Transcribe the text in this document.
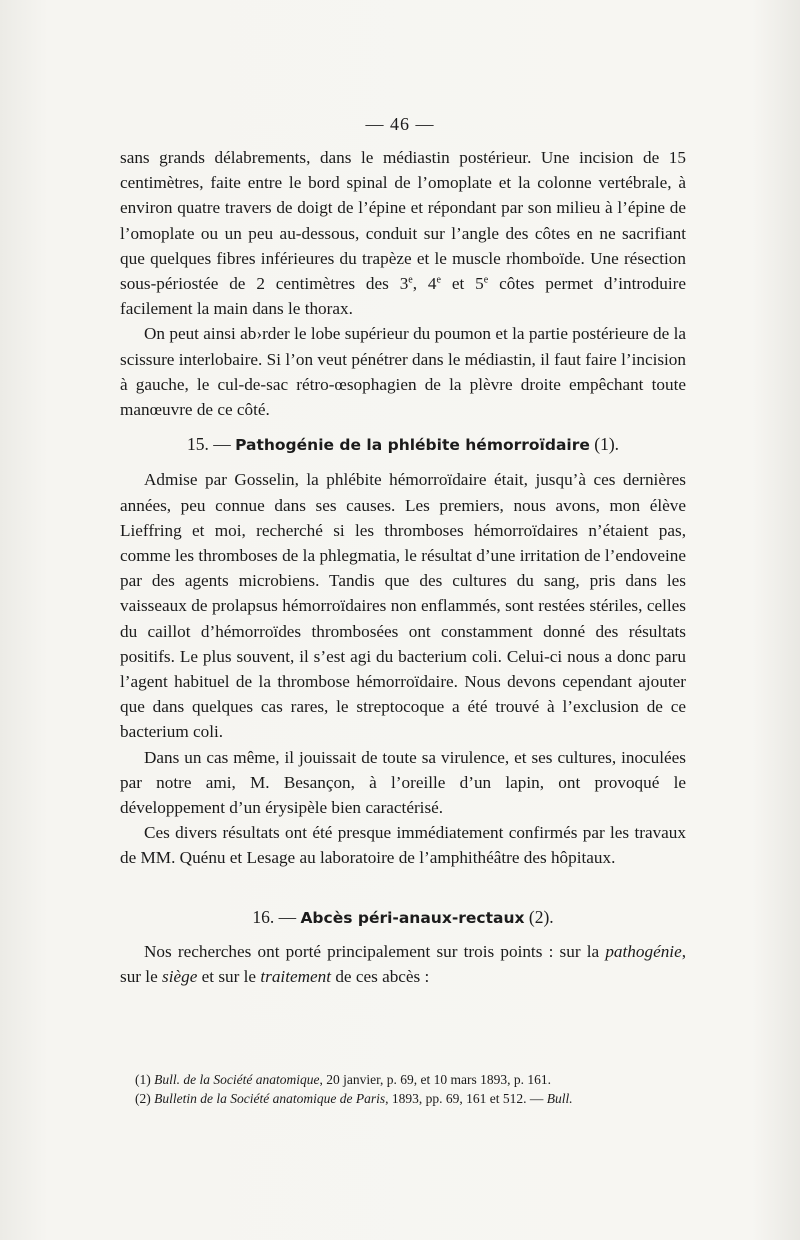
— 46 —

sans grands délabrements, dans le médiastin postérieur. Une incision de 15 centimètres, faite entre le bord spinal de l’omoplate et la colonne vertébrale, à environ quatre travers de doigt de l’épine et répondant par son milieu à l’épine de l’omoplate ou un peu au-dessous, conduit sur l’angle des côtes en ne sacrifiant que quelques fibres inférieures du trapèze et le muscle rhomboïde. Une résection sous-périostée de 2 centimètres des 3e, 4e et 5e côtes permet d’introduire facilement la main dans le thorax.

On peut ainsi ab›rder le lobe supérieur du poumon et la partie postérieure de la scissure interlobaire. Si l’on veut pénétrer dans le médiastin, il faut faire l’incision à gauche, le cul-de-sac rétro-œsophagien de la plèvre droite empêchant toute manœuvre de ce côté.

15. — Pathogénie de la phlébite hémorroïdaire (1).

Admise par Gosselin, la phlébite hémorroïdaire était, jusqu’à ces dernières années, peu connue dans ses causes. Les premiers, nous avons, mon élève Lieffring et moi, recherché si les thromboses hémorroïdaires n’étaient pas, comme les thromboses de la phlegmatia, le résultat d’une irritation de l’endoveine par des agents microbiens. Tandis que des cultures du sang, pris dans les vaisseaux de prolapsus hémorroïdaires non enflammés, sont restées stériles, celles du caillot d’hémorroïdes thrombosées ont constamment donné des résultats positifs. Le plus souvent, il s’est agi du bacterium coli. Celui-ci nous a donc paru l’agent habituel de la thrombose hémorroïdaire. Nous devons cependant ajouter que dans quelques cas rares, le streptocoque a été trouvé à l’exclusion de ce bacterium coli.

Dans un cas même, il jouissait de toute sa virulence, et ses cultures, inoculées par notre ami, M. Besançon, à l’oreille d’un lapin, ont provoqué le développement d’un érysipèle bien caractérisé.

Ces divers résultats ont été presque immédiatement confirmés par les travaux de MM. Quénu et Lesage au laboratoire de l’amphithéâtre des hôpitaux.

16. — Abcès péri-anaux-rectaux (2).

Nos recherches ont porté principalement sur trois points : sur la pathogénie, sur le siège et sur le traitement de ces abcès :

(1) Bull. de la Société anatomique, 20 janvier, p. 69, et 10 mars 1893, p. 161.
(2) Bulletin de la Société anatomique de Paris, 1893, pp. 69, 161 et 512. — Bull.
